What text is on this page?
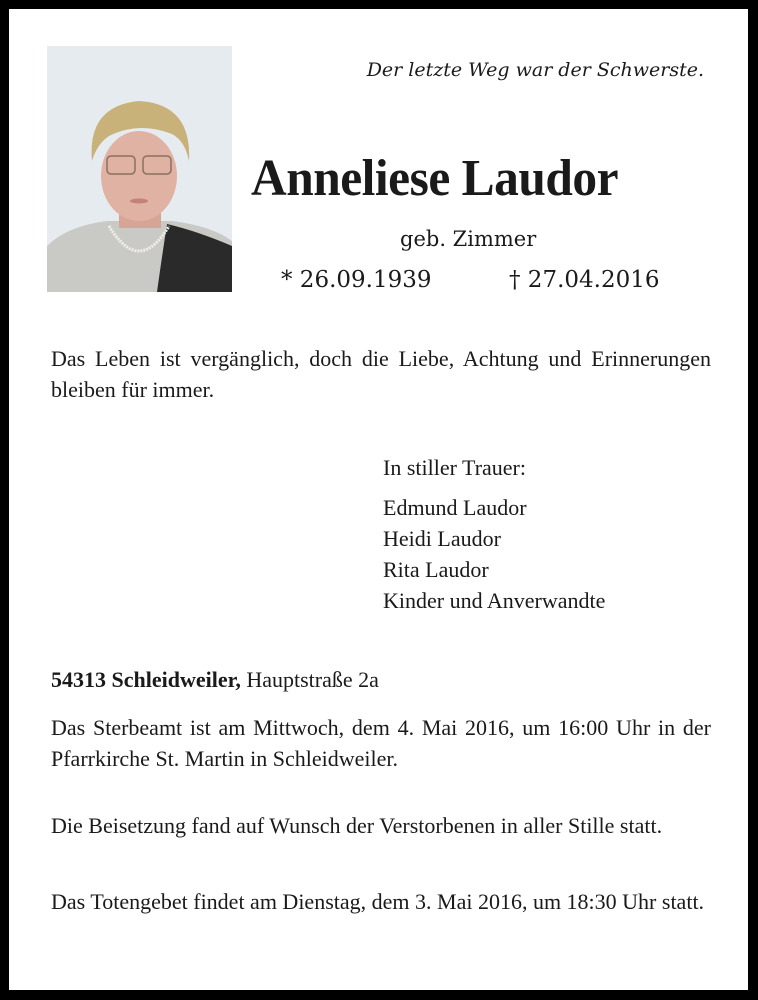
Der letzte Weg war der Schwerste.
Anneliese Laudor
geb. Zimmer
* 26.09.1939	† 27.04.2016
Das Leben ist vergänglich, doch die Liebe, Achtung und Erinnerungen bleiben für immer.
In stiller Trauer:
Edmund Laudor
Heidi Laudor
Rita Laudor
Kinder und Anverwandte
54313 Schleidweiler, Hauptstraße 2a
Das Sterbeamt ist am Mittwoch, dem 4. Mai 2016, um 16:00 Uhr in der Pfarrkirche St. Martin in Schleidweiler.
Die Beisetzung fand auf Wunsch der Verstorbenen in aller Stille statt.
Das Totengebet findet am Dienstag, dem 3. Mai 2016, um 18:30 Uhr statt.
